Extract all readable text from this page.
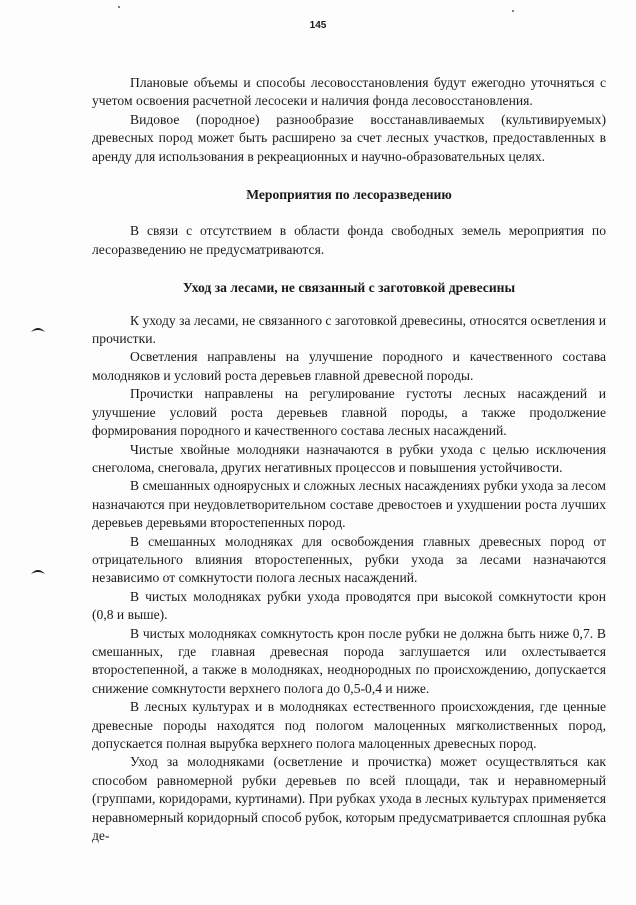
145

Плановые объемы и способы лесовосстановления будут ежегодно уточняться с учетом освоения расчетной лесосеки и наличия фонда лесовосстановления.

Видовое (породное) разнообразие восстанавливаемых (культивируемых) древесных пород может быть расширено за счет лесных участков, предоставленных в аренду для использования в рекреационных и научно-образовательных целях.

Мероприятия по лесоразведению

В связи с отсутствием в области фонда свободных земель мероприятия по лесоразведению не предусматриваются.

Уход за лесами, не связанный с заготовкой древесины

К уходу за лесами, не связанного с заготовкой древесины, относятся осветления и прочистки.

Осветления направлены на улучшение породного и качественного состава молодняков и условий роста деревьев главной древесной породы.

Прочистки направлены на регулирование густоты лесных насаждений и улучшение условий роста деревьев главной породы, а также продолжение формирования породного и качественного состава лесных насаждений.

Чистые хвойные молодняки назначаются в рубки ухода с целью исключения снеголома, снеговала, других негативных процессов и повышения устойчивости.

В смешанных одноярусных и сложных лесных насаждениях рубки ухода за лесом назначаются при неудовлетворительном составе древостоев и ухудшении роста лучших деревьев деревьями второстепенных пород.

В смешанных молодняках для освобождения главных древесных пород от отрицательного влияния второстепенных, рубки ухода за лесами назначаются независимо от сомкнутости полога лесных насаждений.

В чистых молодняках рубки ухода проводятся при высокой сомкнутости крон (0,8 и выше).

В чистых молодняках сомкнутость крон после рубки не должна быть ниже 0,7. В смешанных, где главная древесная порода заглушается или охлестывается второстепенной, а также в молодняках, неоднородных по происхождению, допускается снижение сомкнутости верхнего полога до 0,5-0,4 и ниже.

В лесных культурах и в молодняках естественного происхождения, где ценные древесные породы находятся под пологом малоценных мягколиственных пород, допускается полная вырубка верхнего полога малоценных древесных пород.

Уход за молодняками (осветление и прочистка) может осуществляться как способом равномерной рубки деревьев по всей площади, так и неравномерный (группами, коридорами, куртинами). При рубках ухода в лесных культурах применяется неравномерный коридорный способ рубок, которым предусматривается сплошная рубка де-
